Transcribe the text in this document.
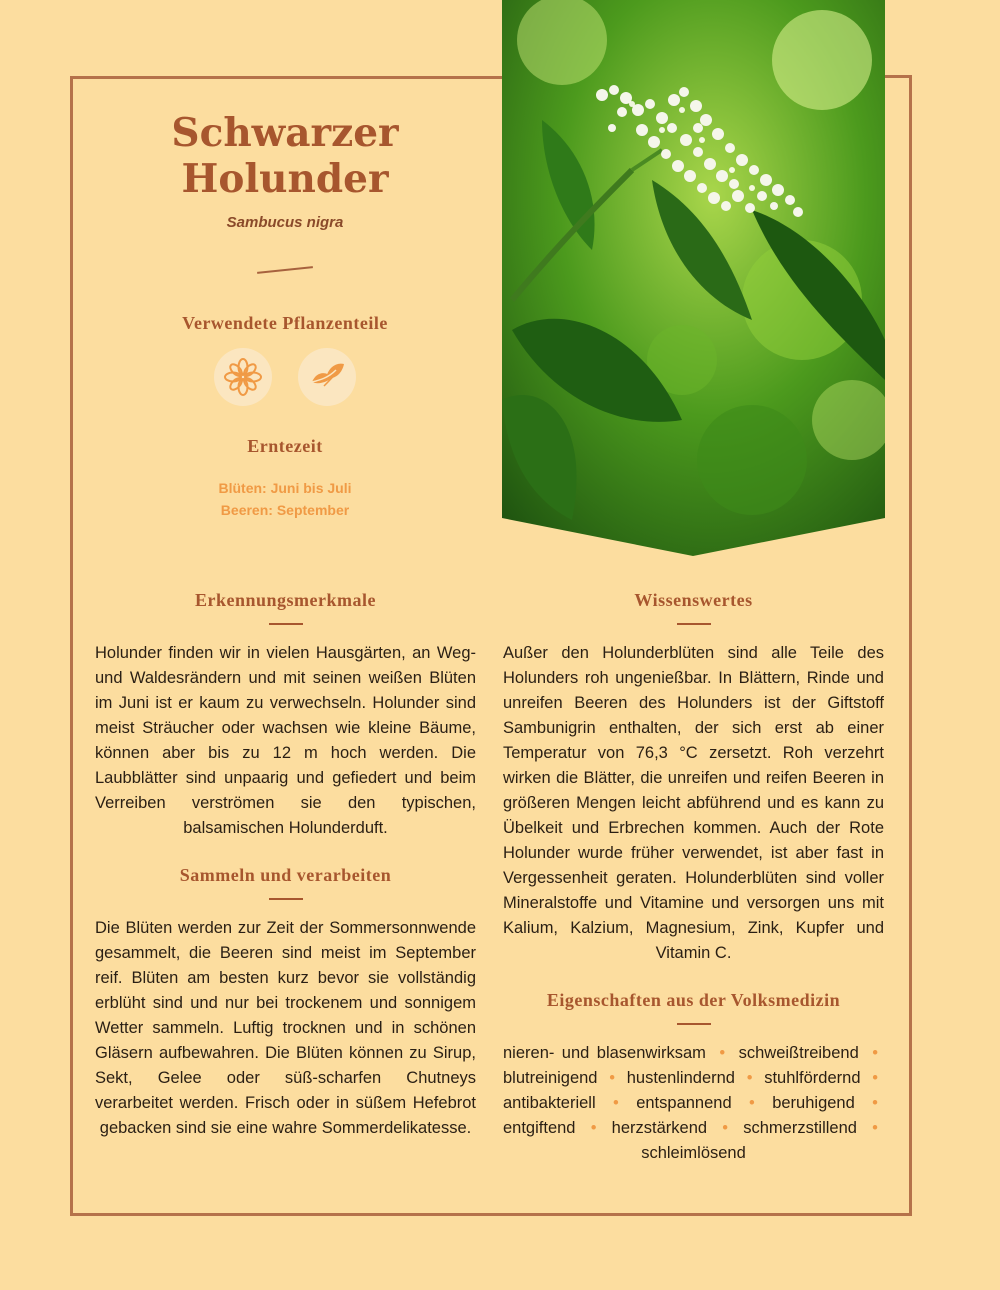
Schwarzer
Holunder
Sambucus nigra
Verwendete Pflanzenteile
Erntezeit
Blüten: Juni bis Juli
Beeren: September
Erkennungsmerkmale

Holunder finden wir in vielen Hausgärten, an Weg- und Waldesrändern und mit seinen weißen Blüten im Juni ist er kaum zu verwechseln. Holunder sind meist Sträucher oder wachsen wie kleine Bäume, können aber bis zu 12 m hoch werden. Die Laubblätter sind unpaarig und gefiedert und beim Verreiben verströmen sie den typischen, balsamischen Holunderduft.

Sammeln und verarbeiten

Die Blüten werden zur Zeit der Sommersonnwende gesammelt, die Beeren sind meist im September reif. Blüten am besten kurz bevor sie vollständig erblüht sind und nur bei trockenem und sonnigem Wetter sammeln. Luftig trocknen und in schönen Gläsern aufbewahren. Die Blüten können zu Sirup, Sekt, Gelee oder süß-scharfen Chutneys verarbeitet werden. Frisch oder in süßem Hefebrot gebacken sind sie eine wahre Sommerdelikatesse.

Wissenswertes

Außer den Holunderblüten sind alle Teile des Holunders roh ungenießbar. In Blättern, Rinde und unreifen Beeren des Holunders ist der Giftstoff Sambunigrin enthalten, der sich erst ab einer Temperatur von 76,3 °C zersetzt. Roh verzehrt wirken die Blätter, die unreifen und reifen Beeren in größeren Mengen leicht abführend und es kann zu Übelkeit und Erbrechen kommen. Auch der Rote Holunder wurde früher verwendet, ist aber fast in Vergessenheit geraten. Holunderblüten sind voller Mineralstoffe und Vitamine und versorgen uns mit Kalium, Kalzium, Magnesium, Zink, Kupfer und Vitamin C.

Eigenschaften aus der Volksmedizin

nieren- und blasenwirksam • schweißtreibend • blutreinigend • hustenlindernd • stuhlfördernd • antibakteriell • entspannend • beruhigend • entgiftend • herzstärkend • schmerzstillend • schleimlösend
